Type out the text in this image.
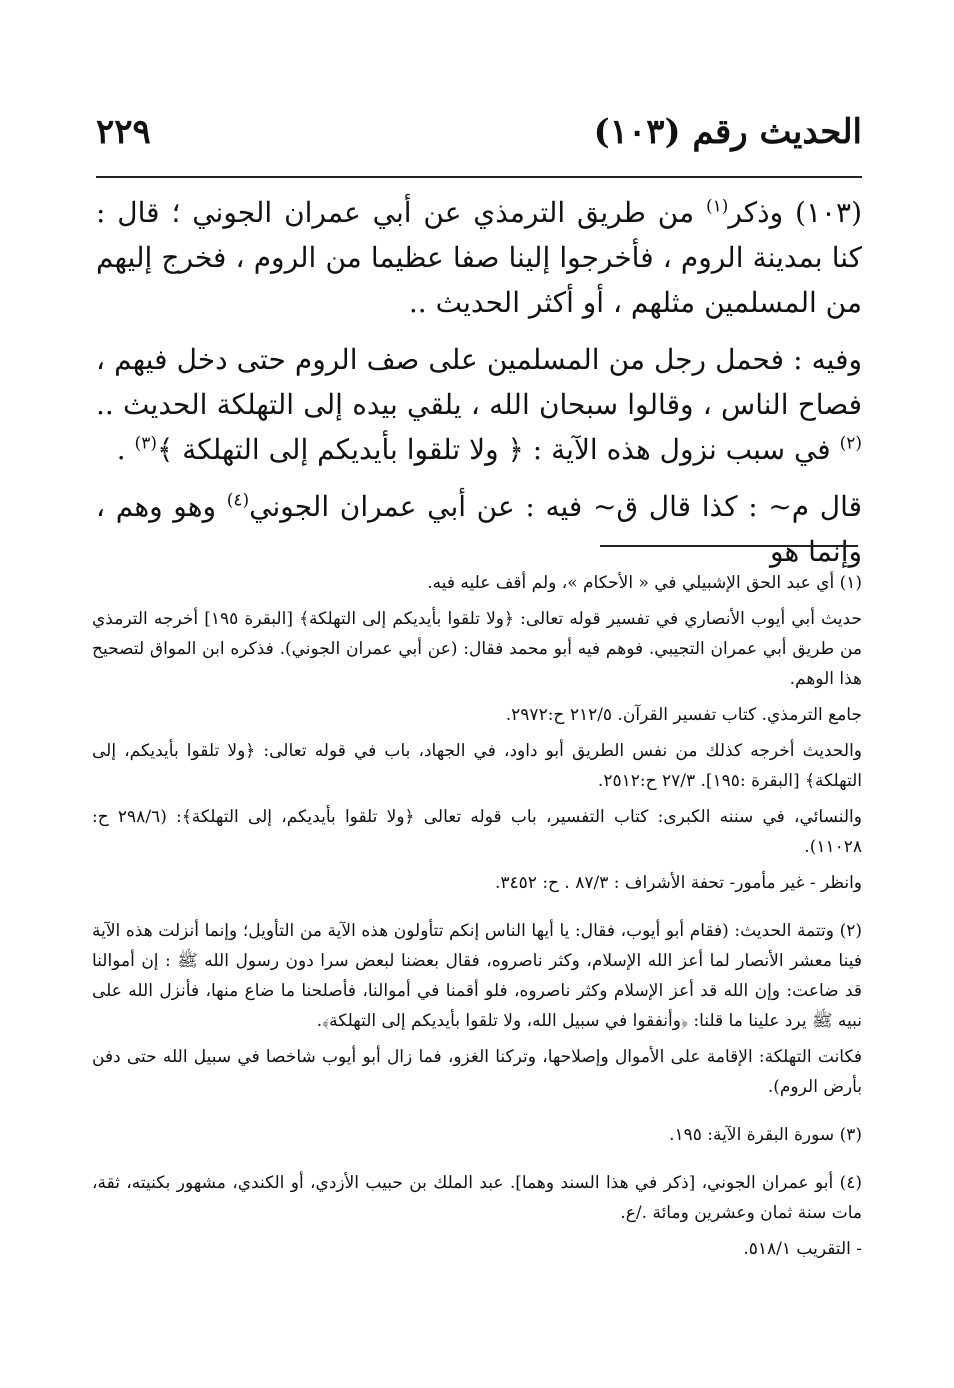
الحديث رقم (١٠٣)
٢٢٩

(١٠٣) وذكر$^{(١)}$ من طريق الترمذي عن أبي عمران الجوني ؛ قال : كنا بمدينة الروم ، فأخرجوا إلينا صفا عظيما من الروم ، فخرج إليهم من المسلمين مثلهم ، أو أكثر الحديث ..

وفيه : فحمل رجل من المسلمين على صف الروم حتى دخل فيهم ، فصاح الناس ، وقالوا سبحان الله ، يلقي بيده إلى التهلكة الحديث ..$^{(٢)}$ في سبب نزول هذه الآية : ﴿ ولا تلقوا بأيديكم إلى التهلكة ﴾$^{(٣)}$ .

قال م~ : كذا قال ق~ فيه : عن أبي عمران الجوني$^{(٤)}$ وهو وهم ، وإنما هو

(١) أي عبد الحق الإشبيلي في « الأحكام »، ولم أقف عليه فيه.

حديث أبي أيوب الأنصاري في تفسير قوله تعالى: ﴿ولا تلقوا بأيديكم إلى التهلكة﴾ [البقرة ١٩٥] أخرجه الترمذي من طريق أبي عمران التجيبي. فوهم فيه أبو محمد فقال: (عن أبي عمران الجوني). فذكره ابن المواق لتصحيح هذا الوهم.

جامع الترمذي. كتاب تفسير القرآن. ٢١٢/٥ ح:٢٩٧٢.

والحديث أخرجه كذلك من نفس الطريق أبو داود، في الجهاد، باب في قوله تعالى: ﴿ولا تلقوا بأيديكم، إلى التهلكة﴾ [البقرة :١٩٥]. ٢٧/٣ ح:٢٥١٢.

والنسائي، في سننه الكبرى: كتاب التفسير، باب قوله تعالى ﴿ولا تلقوا بأيديكم، إلى التهلكة﴾: (٢٩٨/٦ ح: ١١٠٢٨).

وانظر - غير مأمور- تحفة الأشراف : ٨٧/٣ . ح: ٣٤٥٢.

(٢) وتتمة الحديث: (فقام أبو أيوب، فقال: يا أيها الناس إنكم تتأولون هذه الآية من التأويل؛ وإنما أنزلت هذه الآية فينا معشر الأنصار لما أعز الله الإسلام، وكثر ناصروه، فقال بعضنا لبعض سرا دون رسول الله ﷺ : إن أموالنا قد ضاعت: وإن الله قد أعز الإسلام وكثر ناصروه، فلو أقمنا في أموالنا، فأصلحنا ما ضاع منها، فأنزل الله على نبيه ﷺ يرد علينا ما قلنا: ﴿وأنفقوا في سبيل الله، ولا تلقوا بأيديكم إلى التهلكة﴾.

فكانت التهلكة: الإقامة على الأموال وإصلاحها، وتركنا الغزو، فما زال أبو أيوب شاخصا في سبيل الله حتى دفن بأرض الروم).

(٣) سورة البقرة الآية: ١٩٥.

(٤) أبو عمران الجوني، [ذكر في هذا السند وهما]. عبد الملك بن حبيب الأزدي، أو الكندي، مشهور بكنيته، ثقة، مات سنة ثمان وعشرين ومائة ./ع.

- التقريب ٥١٨/١.
